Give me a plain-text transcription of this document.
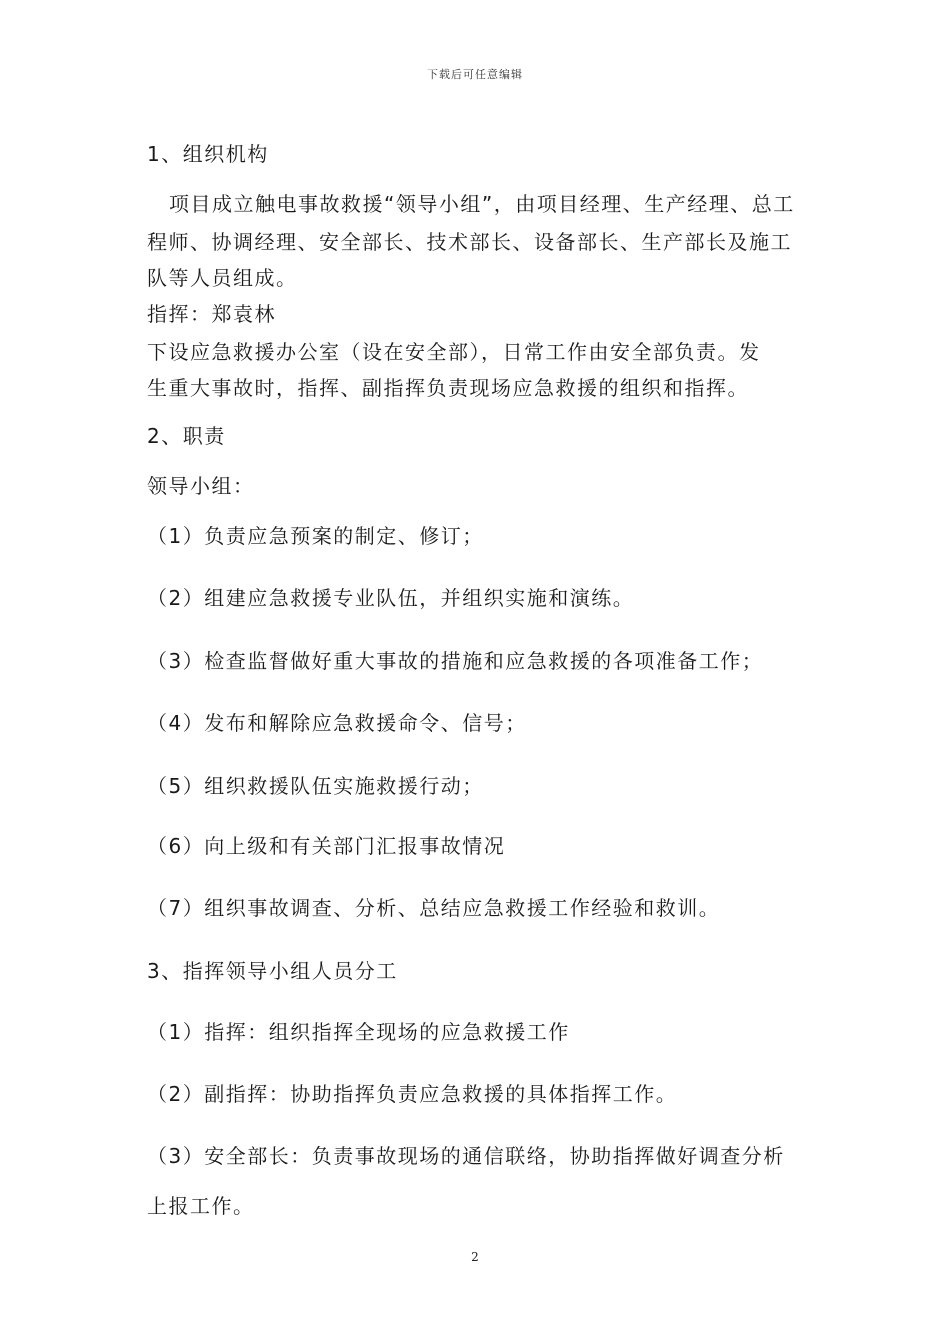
下载后可任意编辑
1、组织机构
项目成立触电事故救援“领导小组”，由项目经理、生产经理、总工
程师、协调经理、安全部长、技术部长、设备部长、生产部长及施工
队等人员组成。
指挥：郑袁林
下设应急救援办公室（设在安全部），日常工作由安全部负责。发
生重大事故时，指挥、副指挥负责现场应急救援的组织和指挥。
2、职责
领导小组：
（1）负责应急预案的制定、修订；
（2）组建应急救援专业队伍，并组织实施和演练。
（3）检查监督做好重大事故的措施和应急救援的各项准备工作；
（4）发布和解除应急救援命令、信号；
（5）组织救援队伍实施救援行动；
（6）向上级和有关部门汇报事故情况
（7）组织事故调查、分析、总结应急救援工作经验和救训。
3、指挥领导小组人员分工
（1）指挥：组织指挥全现场的应急救援工作
（2）副指挥：协助指挥负责应急救援的具体指挥工作。
（3）安全部长：负责事故现场的通信联络，协助指挥做好调查分析
上报工作。
2
